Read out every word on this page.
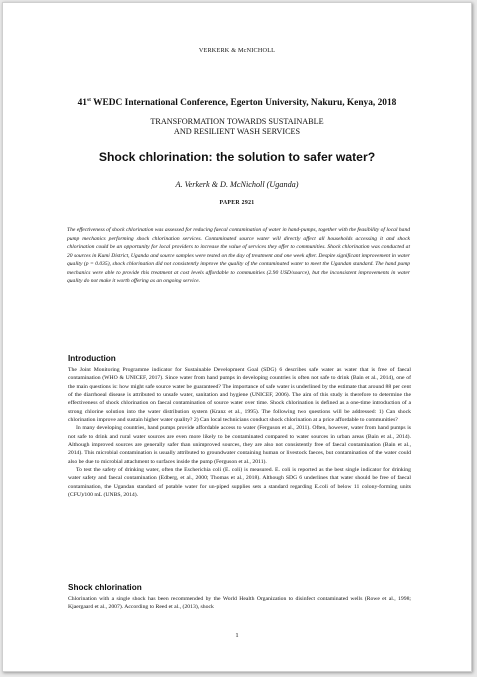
VERKERK & McNICHOLL
41st WEDC International Conference, Egerton University, Nakuru, Kenya, 2018
TRANSFORMATION TOWARDS SUSTAINABLE
AND RESILIENT WASH SERVICES
Shock chlorination: the solution to safer water?
A. Verkerk & D. McNicholl (Uganda)
PAPER 2921
The effectiveness of shock chlorination was assessed for reducing faecal contamination of water in hand-pumps, together with the feasibility of local hand pump mechanics performing shock chlorination services. Contaminated source water will directly affect all households accessing it and shock chlorination could be an opportunity for local providers to increase the value of services they offer to communities. Shock chlorination was conducted at 20 sources in Kumi District, Uganda and source samples were tested on the day of treatment and one week after. Despite significant improvement in water quality (p = 0.035), shock chlorination did not consistently improve the quality of the contaminated water to meet the Ugandan standard. The hand pump mechanics were able to provide this treatment at cost levels affordable to communities (2.90 USD/source), but the inconsistent improvements in water quality do not make it worth offering as an ongoing service.
Introduction

The Joint Monitoring Programme indicator for Sustainable Development Goal (SDG) 6 describes safe water as water that is free of faecal contamination (WHO & UNICEF, 2017). Since water from hand pumps in developing countries is often not safe to drink (Bain et al., 2014), one of the main questions is: how might safe source water be guaranteed? The importance of safe water is underlined by the estimate that around 88 per cent of the diarrhoeal disease is attributed to unsafe water, sanitation and hygiene (UNICEF, 2006). The aim of this study is therefore to determine the effectiveness of shock chlorination on faecal contamination of source water over time. Shock chlorination is defined as a one-time introduction of a strong chlorine solution into the water distribution system (Kranz et al., 1995). The following two questions will be addressed: 1) Can shock chlorination improve and sustain higher water quality? 2) Can local technicians conduct shock chlorination at a price affordable to communities?

In many developing countries, hand pumps provide affordable access to water (Ferguson et al., 2011). Often, however, water from hand pumps is not safe to drink and rural water sources are even more likely to be contaminated compared to water sources in urban areas (Bain et al., 2014). Although improved sources are generally safer than unimproved sources, they are also not consistently free of faecal contamination (Bain et al., 2014). This microbial contamination is usually attributed to groundwater containing human or livestock faeces, but contamination of the water could also be due to microbial attachment to surfaces inside the pump (Ferguson et al., 2011).

To test the safety of drinking water, often the Escherichia coli (E. coli) is measured. E. coli is reported as the best single indicator for drinking water safety and faecal contamination (Edberg, et al., 2000; Thomas et al., 2018). Although SDG 6 underlines that water should be free of faecal contamination, the Ugandan standard of potable water for un-piped supplies sets a standard regarding E.coli of below 11 colony-forming units (CFU)/100 mL (UNBS, 2014).

Shock chlorination

Chlorination with a single shock has been recommended by the World Health Organization to disinfect contaminated wells (Rowe et al., 1998; Kjaergaard et al., 2007). According to Reed et al., (2013), shock

1
